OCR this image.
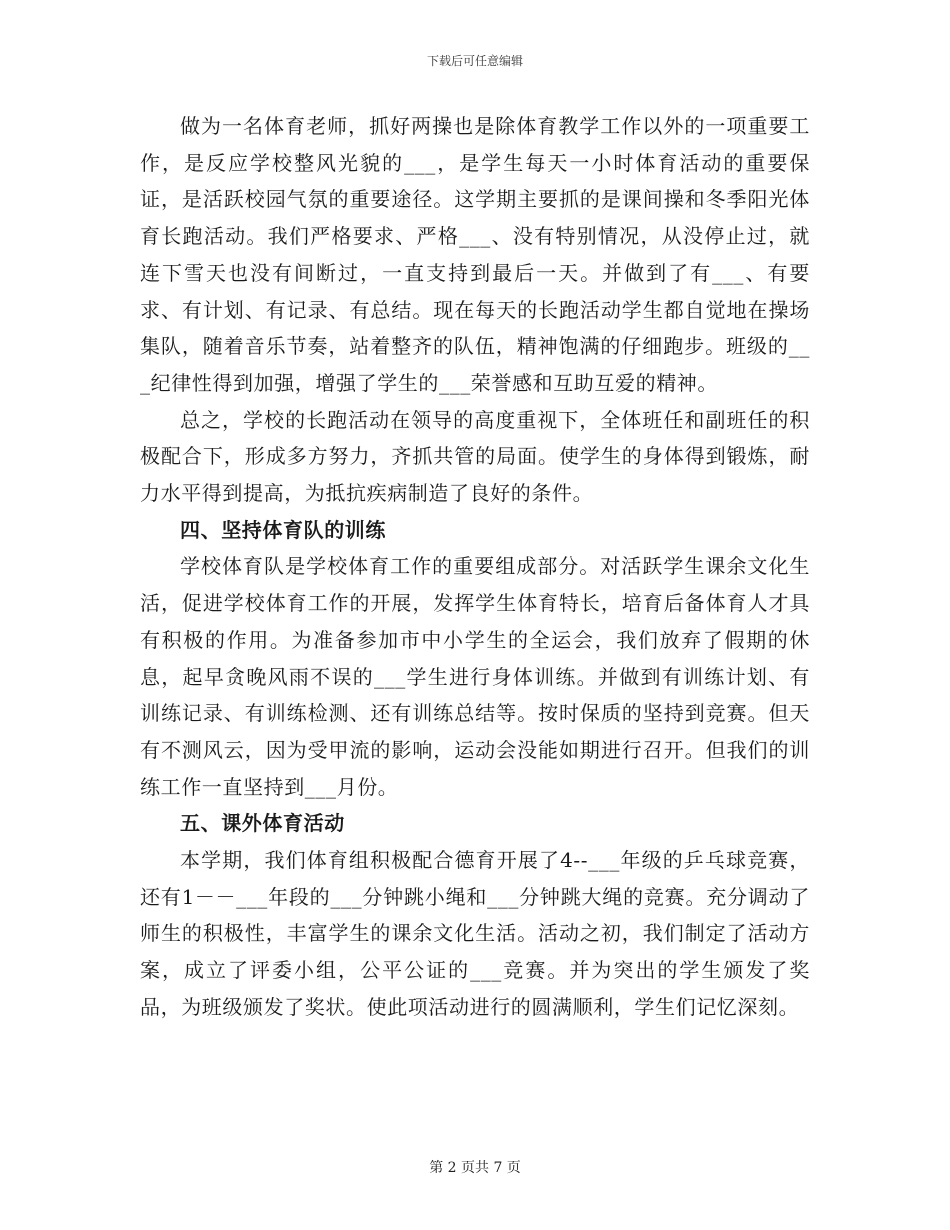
下载后可任意编辑

做为一名体育老师，抓好两操也是除体育教学工作以外的一项重要工作，是反应学校整风光貌的___，是学生每天一小时体育活动的重要保证，是活跃校园气氛的重要途径。这学期主要抓的是课间操和冬季阳光体育长跑活动。我们严格要求、严格___、没有特别情况，从没停止过，就连下雪天也没有间断过，一直支持到最后一天。并做到了有___、有要求、有计划、有记录、有总结。现在每天的长跑活动学生都自觉地在操场集队，随着音乐节奏，站着整齐的队伍，精神饱满的仔细跑步。班级的___纪律性得到加强，增强了学生的___荣誉感和互助互爱的精神。

总之，学校的长跑活动在领导的高度重视下，全体班任和副班任的积极配合下，形成多方努力，齐抓共管的局面。使学生的身体得到锻炼，耐力水平得到提高，为抵抗疾病制造了良好的条件。

四、坚持体育队的训练

学校体育队是学校体育工作的重要组成部分。对活跃学生课余文化生活，促进学校体育工作的开展，发挥学生体育特长，培育后备体育人才具有积极的作用。为准备参加市中小学生的全运会，我们放弃了假期的休息，起早贪晚风雨不误的___学生进行身体训练。并做到有训练计划、有训练记录、有训练检测、还有训练总结等。按时保质的坚持到竞赛。但天有不测风云，因为受甲流的影响，运动会没能如期进行召开。但我们的训练工作一直坚持到___月份。

五、课外体育活动

本学期，我们体育组积极配合德育开展了4--___年级的乒乓球竞赛，还有1－－___年段的___分钟跳小绳和___分钟跳大绳的竞赛。充分调动了师生的积极性，丰富学生的课余文化生活。活动之初，我们制定了活动方案，成立了评委小组，公平公证的___竞赛。并为突出的学生颁发了奖品，为班级颁发了奖状。使此项活动进行的圆满顺利，学生们记忆深刻。

第 2 页共 7 页
